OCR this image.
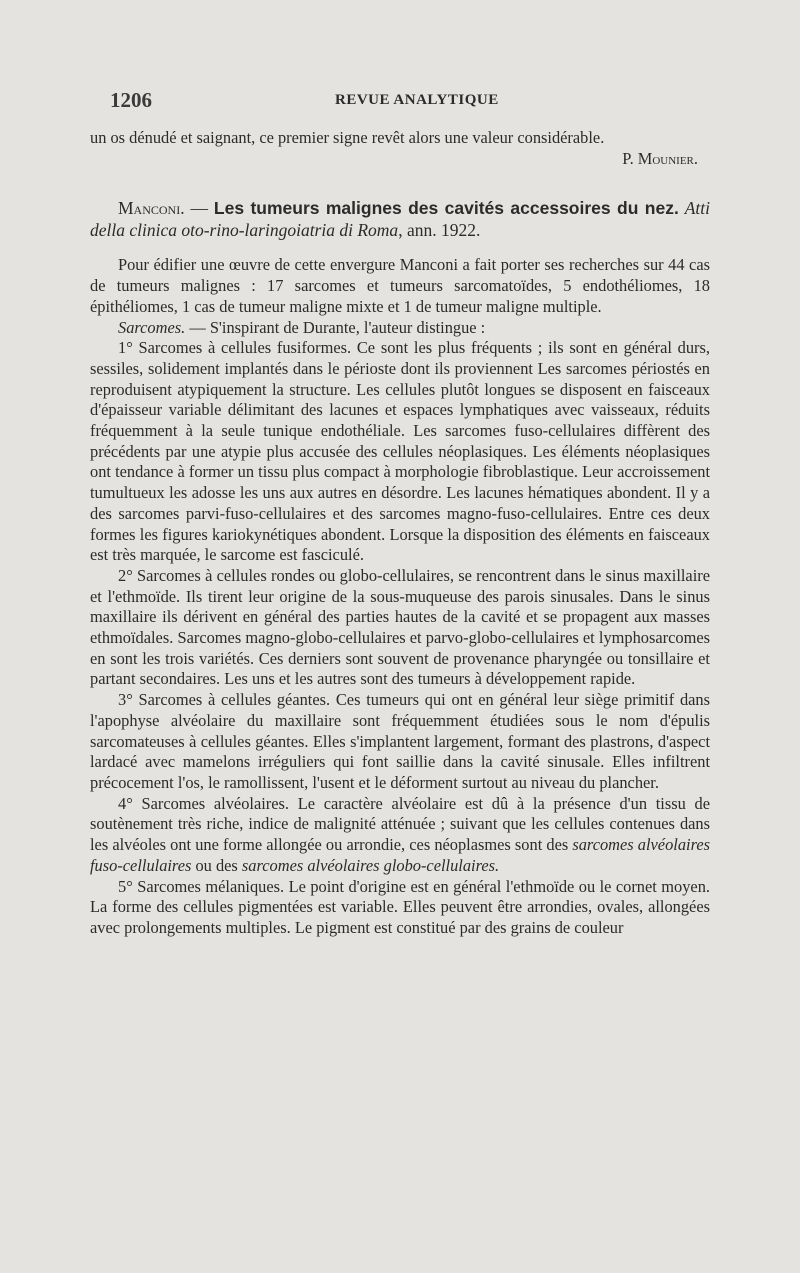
1206	REVUE ANALYTIQUE

un os dénudé et saignant, ce premier signe revêt alors une valeur considérable.

P. Mounier.

Manconi. — Les tumeurs malignes des cavités accessoires du nez. Atti della clinica oto-rino-laringoiatria di Roma, ann. 1922.

Pour édifier une œuvre de cette envergure Manconi a fait porter ses recherches sur 44 cas de tumeurs malignes : 17 sarcomes et tumeurs sarcomatoïdes, 5 endothéliomes, 18 épithéliomes, 1 cas de tumeur maligne mixte et 1 de tumeur maligne multiple.

Sarcomes. — S'inspirant de Durante, l'auteur distingue :

1° Sarcomes à cellules fusiformes. Ce sont les plus fréquents ; ils sont en général durs, sessiles, solidement implantés dans le périoste dont ils proviennent Les sarcomes périostés en reproduisent atypiquement la structure. Les cellules plutôt longues se disposent en faisceaux d'épaisseur variable délimitant des lacunes et espaces lymphatiques avec vaisseaux, réduits fréquemment à la seule tunique endothéliale. Les sarcomes fuso-cellulaires diffèrent des précédents par une atypie plus accusée des cellules néoplasiques. Les éléments néoplasiques ont tendance à former un tissu plus compact à morphologie fibroblastique. Leur accroissement tumultueux les adosse les uns aux autres en désordre. Les lacunes hématiques abondent. Il y a des sarcomes parvi-fuso-cellulaires et des sarcomes magno-fuso-cellulaires. Entre ces deux formes les figures kariokynétiques abondent. Lorsque la disposition des éléments en faisceaux est très marquée, le sarcome est fasciculé.

2° Sarcomes à cellules rondes ou globo-cellulaires, se rencontrent dans le sinus maxillaire et l'ethmoïde. Ils tirent leur origine de la sous-muqueuse des parois sinusales. Dans le sinus maxillaire ils dérivent en général des parties hautes de la cavité et se propagent aux masses ethmoïdales. Sarcomes magno-globo-cellulaires et parvo-globo-cellulaires et lymphosarcomes en sont les trois variétés. Ces derniers sont souvent de provenance pharyngée ou tonsillaire et partant secondaires. Les uns et les autres sont des tumeurs à développement rapide.

3° Sarcomes à cellules géantes. Ces tumeurs qui ont en général leur siège primitif dans l'apophyse alvéolaire du maxillaire sont fréquemment étudiées sous le nom d'épulis sarcomateuses à cellules géantes. Elles s'implantent largement, formant des plastrons, d'aspect lardacé avec mamelons irréguliers qui font saillie dans la cavité sinusale. Elles infiltrent précocement l'os, le ramollissent, l'usent et le déforment surtout au niveau du plancher.

4° Sarcomes alvéolaires. Le caractère alvéolaire est dû à la présence d'un tissu de soutènement très riche, indice de malignité atténuée ; suivant que les cellules contenues dans les alvéoles ont une forme allongée ou arrondie, ces néoplasmes sont des sarcomes alvéolaires fuso-cellulaires ou des sarcomes alvéolaires globo-cellulaires.

5° Sarcomes mélaniques. Le point d'origine est en général l'ethmoïde ou le cornet moyen. La forme des cellules pigmentées est variable. Elles peuvent être arrondies, ovales, allongées avec prolongements multiples. Le pigment est constitué par des grains de couleur
